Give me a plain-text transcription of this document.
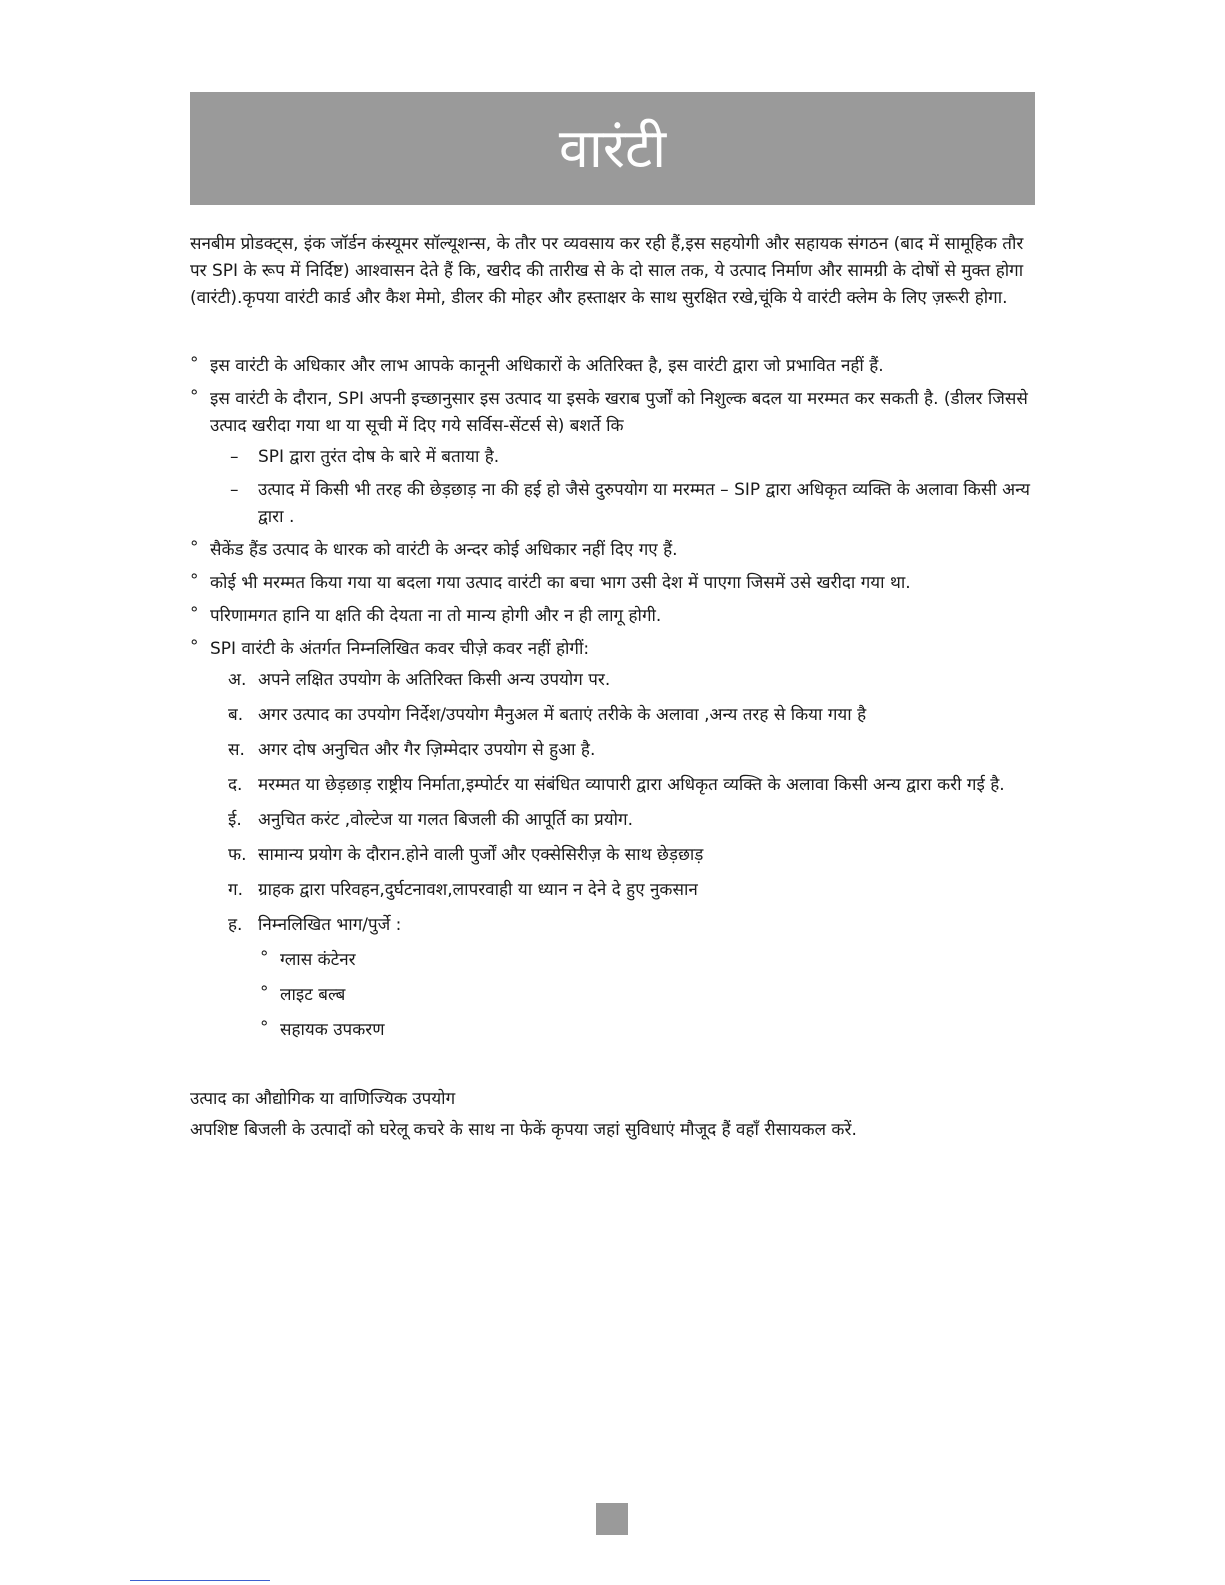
वारंटी

सनबीम प्रोडक्ट्स, इंक जॉर्डन कंस्यूमर सॉल्यूशन्स, के तौर पर व्यवसाय कर रही हैं,इस सहयोगी और सहायक संगठन (बाद में सामूहिक तौर पर SPI के रूप में निर्दिष्ट) आश्वासन देते हैं कि, खरीद की तारीख से के दो साल तक, ये उत्पाद निर्माण और सामग्री के दोषों से मुक्त होगा (वारंटी).कृपया वारंटी कार्ड और कैश मेमो, डीलर की मोहर और हस्ताक्षर के साथ सुरक्षित रखे,चूंकि ये वारंटी क्लेम के लिए ज़रूरी होगा.

° इस वारंटी के अधिकार और लाभ आपके कानूनी अधिकारों के अतिरिक्त है, इस वारंटी द्वारा जो प्रभावित नहीं हैं.
° इस वारंटी के दौरान, SPI अपनी इच्छानुसार इस उत्पाद या इसके खराब पुर्जों को निशुल्क बदल या मरम्मत कर सकती है. (डीलर जिससे उत्पाद खरीदा गया था या सूची में दिए गये सर्विस-सेंटर्स से) बशर्ते कि
– SPI द्वारा तुरंत दोष के बारे में बताया है.
– उत्पाद में किसी भी तरह की छेड़छाड़ ना की हई हो जैसे दुरुपयोग या मरम्मत – SIP द्वारा अधिकृत व्यक्ति के अलावा किसी अन्य द्वारा .
° सैकेंड हैंड उत्पाद के धारक को वारंटी के अन्दर कोई अधिकार नहीं दिए गए हैं.
° कोई भी मरम्मत किया गया या बदला गया उत्पाद वारंटी का बचा भाग उसी देश में पाएगा जिसमें उसे खरीदा गया था.
° परिणामगत हानि या क्षति की देयता ना तो मान्य होगी और न ही लागू होगी.
° SPI वारंटी के अंतर्गत निम्नलिखित कवर चीज़े कवर नहीं होगीं:
अ. अपने लक्षित उपयोग के अतिरिक्त किसी अन्य उपयोग पर.
ब. अगर उत्पाद का उपयोग निर्देश/उपयोग मैनुअल में बताएं तरीके के अलावा ,अन्य तरह से किया गया है
स. अगर दोष अनुचित और गैर ज़िम्मेदार उपयोग से हुआ है.
द. मरम्मत या छेड़छाड़ राष्ट्रीय निर्माता,इम्पोर्टर या संबंधित व्यापारी द्वारा अधिकृत व्यक्ति के अलावा किसी अन्य द्वारा करी गई है.
ई. अनुचित करंट ,वोल्टेज या गलत बिजली की आपूर्ति का प्रयोग.
फ. सामान्य प्रयोग के दौरान.होने वाली पुर्जों और एक्सेसिरीज़ के साथ छेड़छाड़
ग. ग्राहक द्वारा परिवहन,दुर्घटनावश,लापरवाही या ध्यान न देने दे हुए नुकसान
ह. निम्नलिखित भाग/पुर्जे :
° ग्लास कंटेनर
° लाइट बल्ब
° सहायक उपकरण

उत्पाद का औद्योगिक या वाणिज्यिक उपयोग

अपशिष्ट बिजली के उत्पादों को घरेलू कचरे के साथ ना फेकें कृपया जहां सुविधाएं मौजूद हैं वहाँ रीसायकल करें.
